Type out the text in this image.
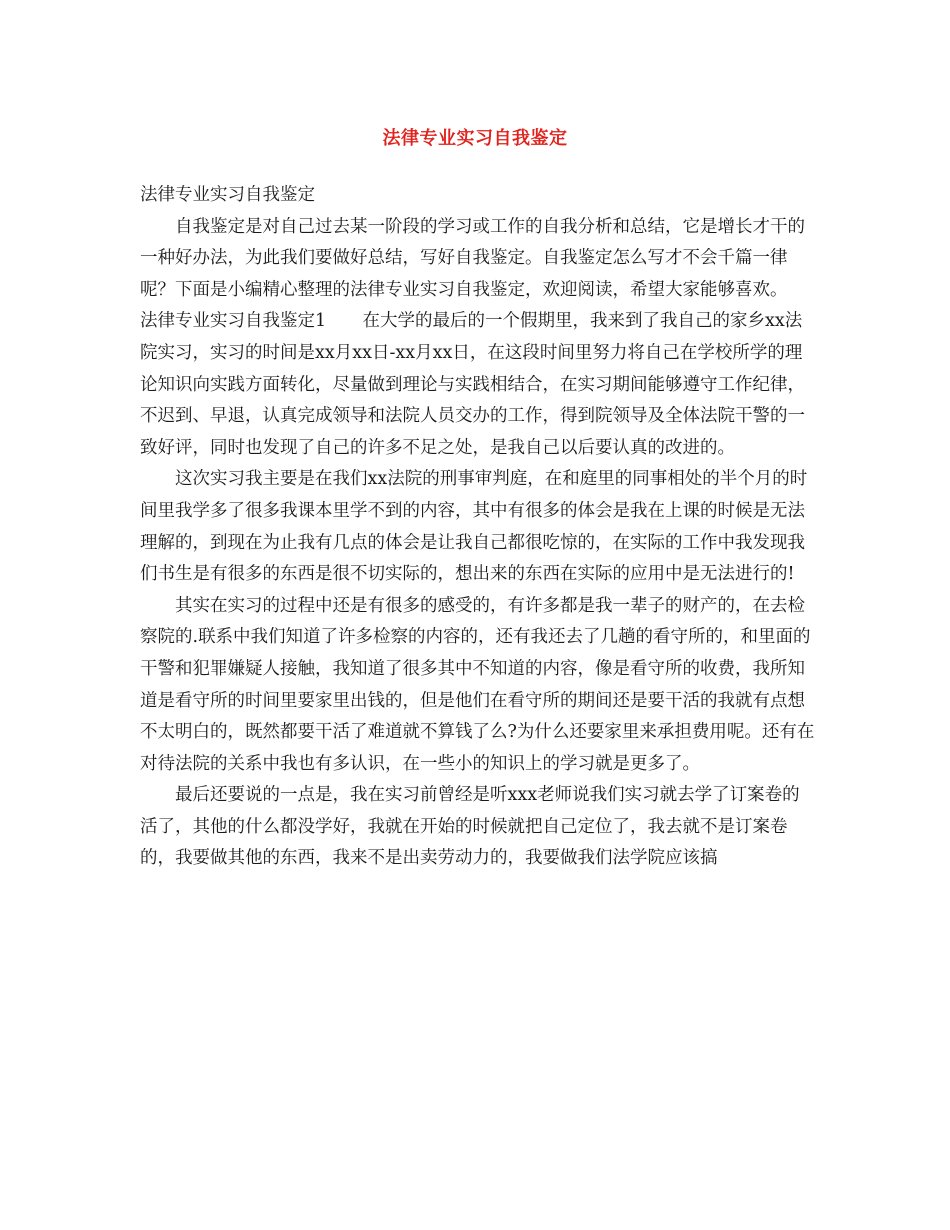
法律专业实习自我鉴定

法律专业实习自我鉴定

自我鉴定是对自己过去某一阶段的学习或工作的自我分析和总结，它是增长才干的一种好办法，为此我们要做好总结，写好自我鉴定。自我鉴定怎么写才不会千篇一律呢？下面是小编精心整理的法律专业实习自我鉴定，欢迎阅读，希望大家能够喜欢。

法律专业实习自我鉴定1	在大学的最后的一个假期里，我来到了我自己的家乡xx法院实习，实习的时间是xx月xx日-xx月xx日，在这段时间里努力将自己在学校所学的理论知识向实践方面转化，尽量做到理论与实践相结合，在实习期间能够遵守工作纪律，不迟到、早退，认真完成领导和法院人员交办的工作，得到院领导及全体法院干警的一致好评，同时也发现了自己的许多不足之处，是我自己以后要认真的改进的。

这次实习我主要是在我们xx法院的刑事审判庭，在和庭里的同事相处的半个月的时间里我学多了很多我课本里学不到的内容，其中有很多的体会是我在上课的时候是无法理解的，到现在为止我有几点的体会是让我自己都很吃惊的，在实际的工作中我发现我们书生是有很多的东西是很不切实际的，想出来的东西在实际的应用中是无法进行的!

其实在实习的过程中还是有很多的感受的，有许多都是我一辈子的财产的，在去检察院的.联系中我们知道了许多检察的内容的，还有我还去了几趟的看守所的，和里面的干警和犯罪嫌疑人接触，我知道了很多其中不知道的内容，像是看守所的收费，我所知道是看守所的时间里要家里出钱的，但是他们在看守所的期间还是要干活的我就有点想不太明白的，既然都要干活了难道就不算钱了么?为什么还要家里来承担费用呢。还有在对待法院的关系中我也有多认识，在一些小的知识上的学习就是更多了。

最后还要说的一点是，我在实习前曾经是听xxx老师说我们实习就去学了订案卷的活了，其他的什么都没学好，我就在开始的时候就把自己定位了，我去就不是订案卷的，我要做其他的东西，我来不是出卖劳动力的，我要做我们法学院应该搞
